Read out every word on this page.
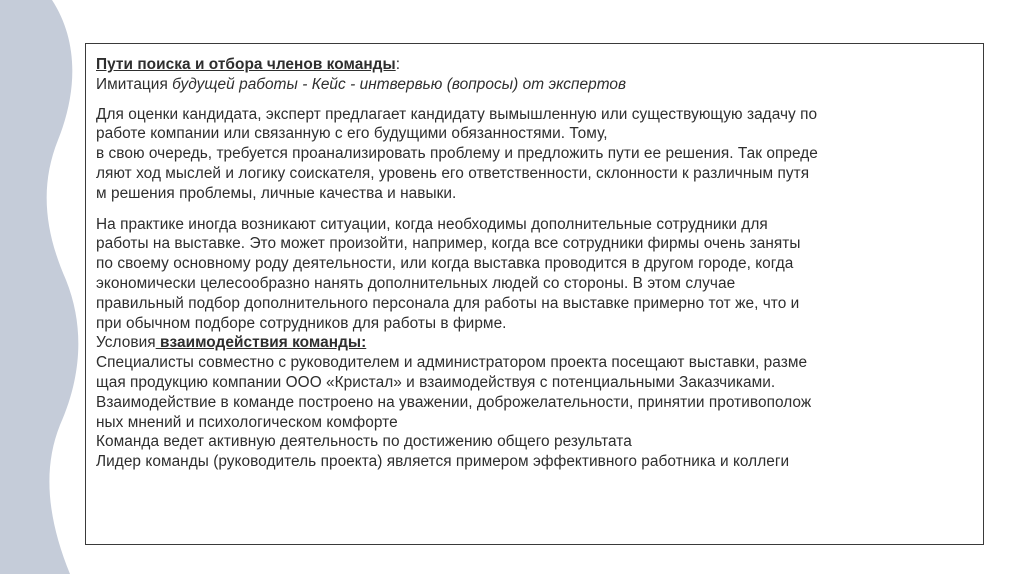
Пути поиска и отбора членов команды:
Имитация будущей работы - Кейс - интвервью (вопросы) от экспертов
Для оценки кандидата, эксперт предлагает кандидату вымышленную или существующую задачу по
работе компании или связанную с его будущими обязанностями. Тому,
в свою очередь, требуется проанализировать проблему и предложить пути ее решения. Так опреде
ляют ход мыслей и логику соискателя, уровень его ответственности, склонности к различным путя
м решения проблемы, личные качества и навыки.
На практике иногда возникают ситуации, когда необходимы дополнительные сотрудники для
работы на выставке. Это может произойти, например, когда все сотрудники фирмы очень заняты
по своему основному роду деятельности, или когда выставка проводится в другом городе, когда
экономически целесообразно нанять дополнительных людей со стороны. В этом случае
правильный подбор дополнительного персонала для работы на выставке примерно тот же, что и
при обычном подборе сотрудников для работы в фирме.
Условия взаимодействия команды:
Специалисты совместно с руководителем и администратором проекта посещают выставки, разме
щая продукцию компании ООО «Кристал» и взаимодействуя с потенциальными Заказчиками.
Взаимодействие в команде построено на уважении, доброжелательности, принятии противополож
ных мнений и психологическом комфорте
Команда ведет активную деятельность по достижению общего результата
Лидер команды (руководитель проекта) является примером эффективного работника и коллеги
